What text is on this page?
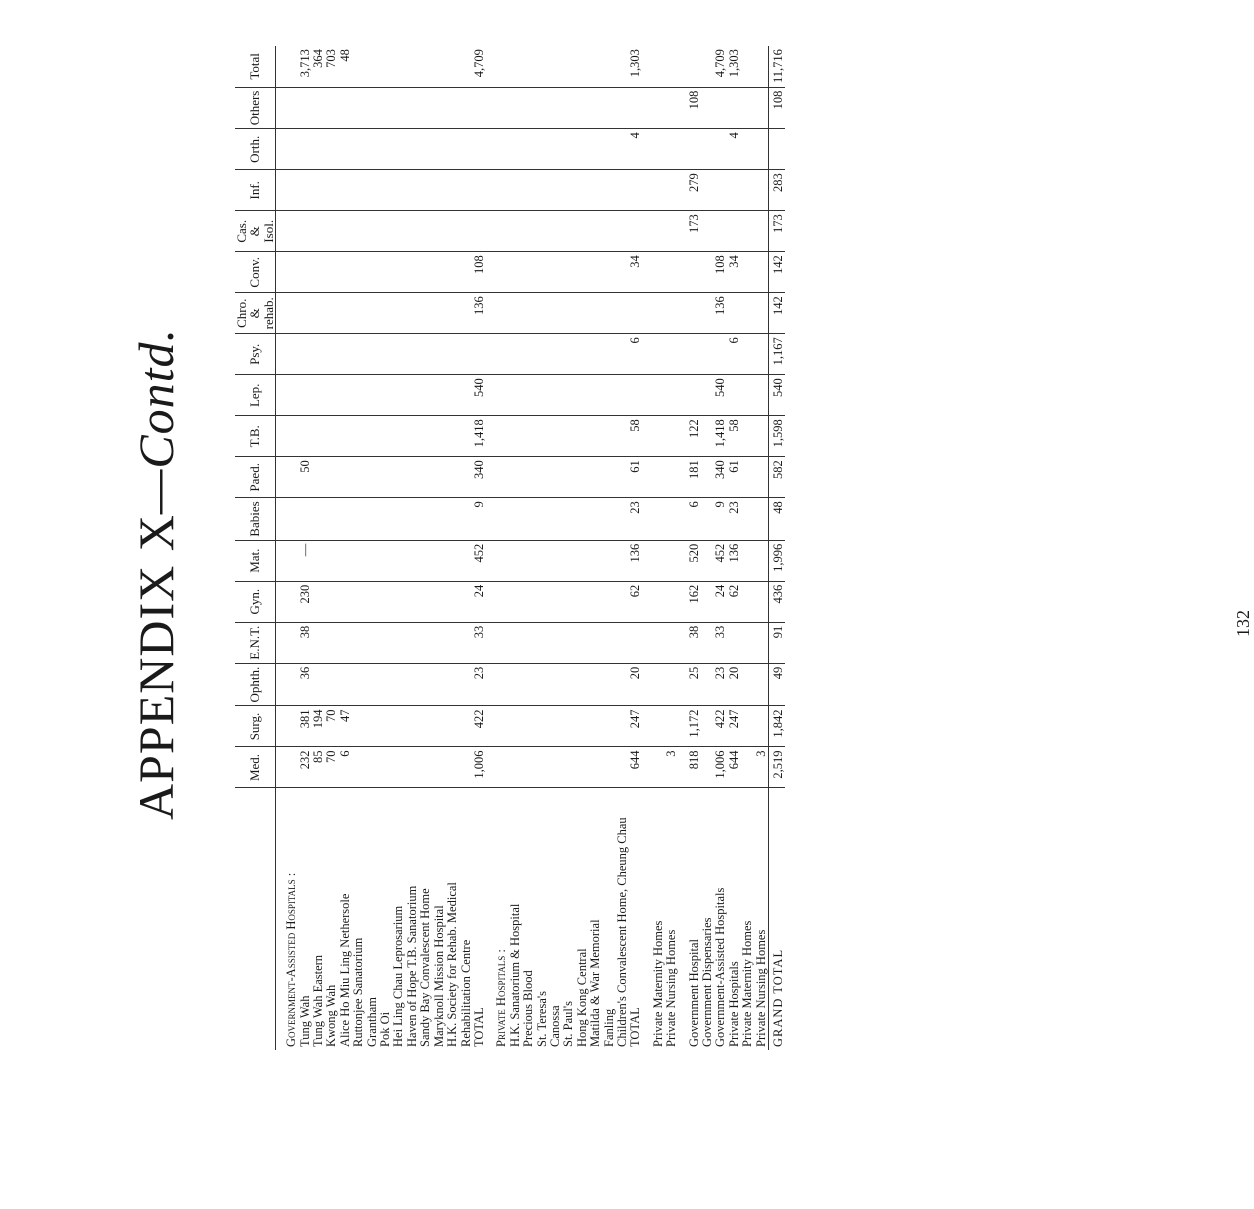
APPENDIX X—Contd.
	Med.	Surg.	Ophth.	E.N.T.	Gyn.	Mat.	Babies	Paed.	T.B.	Lep.	Psy.	Chro. & rehab.	Conv.	Cas. & Isol.	Inf.	Orth.	Others	Total
Government-Assisted Hospitals :																		
Tung Wah	232	381	36	38	230	—		50										3,713
Tung Wah Eastern	85	194																364
Kwong Wah	70	70																703
Alice Ho Miu Ling Nethersole	6	47																48
Ruttonjee Sanatorium																		
Grantham																		
Pok Oi																		
Hei Ling Chau Leprosarium																		
Haven of Hope T.B. Sanatorium																		
Sandy Bay Convalescent Home																		
Maryknoll Mission Hospital																		
H.K. Society for Rehab. Medical																		
Rehabilitation Centre																		
TOTAL	1,006	422	23	33	24	452	9	340	1,418	540		136	108					4,709
Private Hospitals :																		
H.K. Sanatorium & Hospital																		
Precious Blood																		
St. Teresa's																		
Canossa																		
St. Paul's																		
Hong Kong Central																		
Matilda & War Memorial																		
Fanling																		
Children's Convalescent Home, Cheung Chau																		
TOTAL	644	247	20		62	136	23	61	58		6		34			4		1,303
Private Maternity Homes																		
Private Nursing Homes	3																	
Government Hospital	818	1,172	25	38	162	520	6	181	122					173	279		108	
Government Dispensaries																		
Government-Assisted Hospitals	1,006	422	23	33	24	452	9	340	1,418	540		136	108					4,709
Private Hospitals	644	247	20		62	136	23	61	58		6		34			4		1,303
Private Maternity Homes																		
Private Nursing Homes	3																	
GRAND TOTAL	2,519	1,842	49	91	436	1,996	48	582	1,598	540	1,167	142	142	173	283		108	11,716
132
